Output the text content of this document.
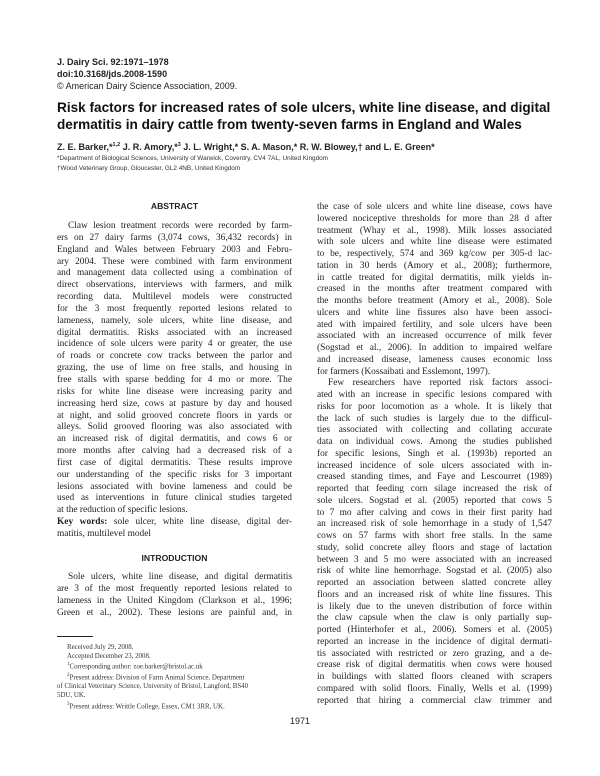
J. Dairy Sci. 92:1971–1978
doi:10.3168/jds.2008-1590
© American Dairy Science Association, 2009.
Risk factors for increased rates of sole ulcers, white line disease, and digital
dermatitis in dairy cattle from twenty-seven farms in England and Wales
Z. E. Barker,*$^{1,2}$ J. R. Amory,*$^3$ J. L. Wright,* S. A. Mason,* R. W. Blowey,† and L. E. Green*
*Department of Biological Sciences, University of Warwick, Coventry, CV4 7AL, United Kingdom
†Wood Veterinary Group, Gloucester, GL2 4NB, United Kingdom
ABSTRACT
Claw lesion treatment records were recorded by farm-
ers on 27 dairy farms (3,074 cows, 36,432 records) in
England and Wales between February 2003 and Febru-
ary 2004. These were combined with farm environment
and management data collected using a combination of
direct observations, interviews with farmers, and milk
recording data. Multilevel models were constructed
for the 3 most frequently reported lesions related to
lameness, namely, sole ulcers, white line disease, and
digital dermatitis. Risks associated with an increased
incidence of sole ulcers were parity 4 or greater, the use
of roads or concrete cow tracks between the parlor and
grazing, the use of lime on free stalls, and housing in
free stalls with sparse bedding for 4 mo or more. The
risks for white line disease were increasing parity and
increasing herd size, cows at pasture by day and housed
at night, and solid grooved concrete floors in yards or
alleys. Solid grooved flooring was also associated with
an increased risk of digital dermatitis, and cows 6 or
more months after calving had a decreased risk of a
first case of digital dermatitis. These results improve
our understanding of the specific risks for 3 important
lesions associated with bovine lameness and could be
used as interventions in future clinical studies targeted
at the reduction of specific lesions.
Key words: sole ulcer, white line disease, digital der-
matitis, multilevel model
INTRODUCTION
Sole ulcers, white line disease, and digital dermatitis
are 3 of the most frequently reported lesions related to
lameness in the United Kingdom (Clarkson et al., 1996;
Green et al., 2002). These lesions are painful and, in
the case of sole ulcers and white line disease, cows have
lowered nociceptive thresholds for more than 28 d after
treatment (Whay et al., 1998). Milk losses associated
with sole ulcers and white line disease were estimated
to be, respectively, 574 and 369 kg/cow per 305-d lac-
tation in 30 herds (Amory et al., 2008); furthermore,
in cattle treated for digital dermatitis, milk yields in-
creased in the months after treatment compared with
the months before treatment (Amory et al., 2008). Sole
ulcers and white line fissures also have been associ-
ated with impaired fertility, and sole ulcers have been
associated with an increased occurrence of milk fever
(Sogstad et al., 2006). In addition to impaired welfare
and increased disease, lameness causes economic loss
for farmers (Kossaibati and Esslemont, 1997).
Few researchers have reported risk factors associ-
ated with an increase in specific lesions compared with
risks for poor locomotion as a whole. It is likely that
the lack of such studies is largely due to the difficul-
ties associated with collecting and collating accurate
data on individual cows. Among the studies published
for specific lesions, Singh et al. (1993b) reported an
increased incidence of sole ulcers associated with in-
creased standing times, and Faye and Lescourret (1989)
reported that feeding corn silage increased the risk of
sole ulcers. Sogstad et al. (2005) reported that cows 5
to 7 mo after calving and cows in their first parity had
an increased risk of sole hemorrhage in a study of 1,547
cows on 57 farms with short free stalls. In the same
study, solid concrete alley floors and stage of lactation
between 3 and 5 mo were associated with an increased
risk of white line hemorrhage. Sogstad et al. (2005) also
reported an association between slatted concrete alley
floors and an increased risk of white line fissures. This
is likely due to the uneven distribution of force within
the claw capsule when the claw is only partially sup-
ported (Hinterhofer et al., 2006). Somers et al. (2005)
reported an increase in the incidence of digital dermati-
tis associated with restricted or zero grazing, and a de-
crease risk of digital dermatitis when cows were housed
in buildings with slatted floors cleaned with scrapers
compared with solid floors. Finally, Wells et al. (1999)
reported that hiring a commercial claw trimmer and
Received July 29, 2008.
Accepted December 23, 2008.
$^1$Corresponding author: zoe.barker@bristol.ac.uk
$^2$Present address: Division of Farm Animal Science, Department
of Clinical Veterinary Science, University of Bristol, Langford, BS40
5DU, UK.
$^3$Present address: Writtle College, Essex, CM1 3RR, UK.
1971
